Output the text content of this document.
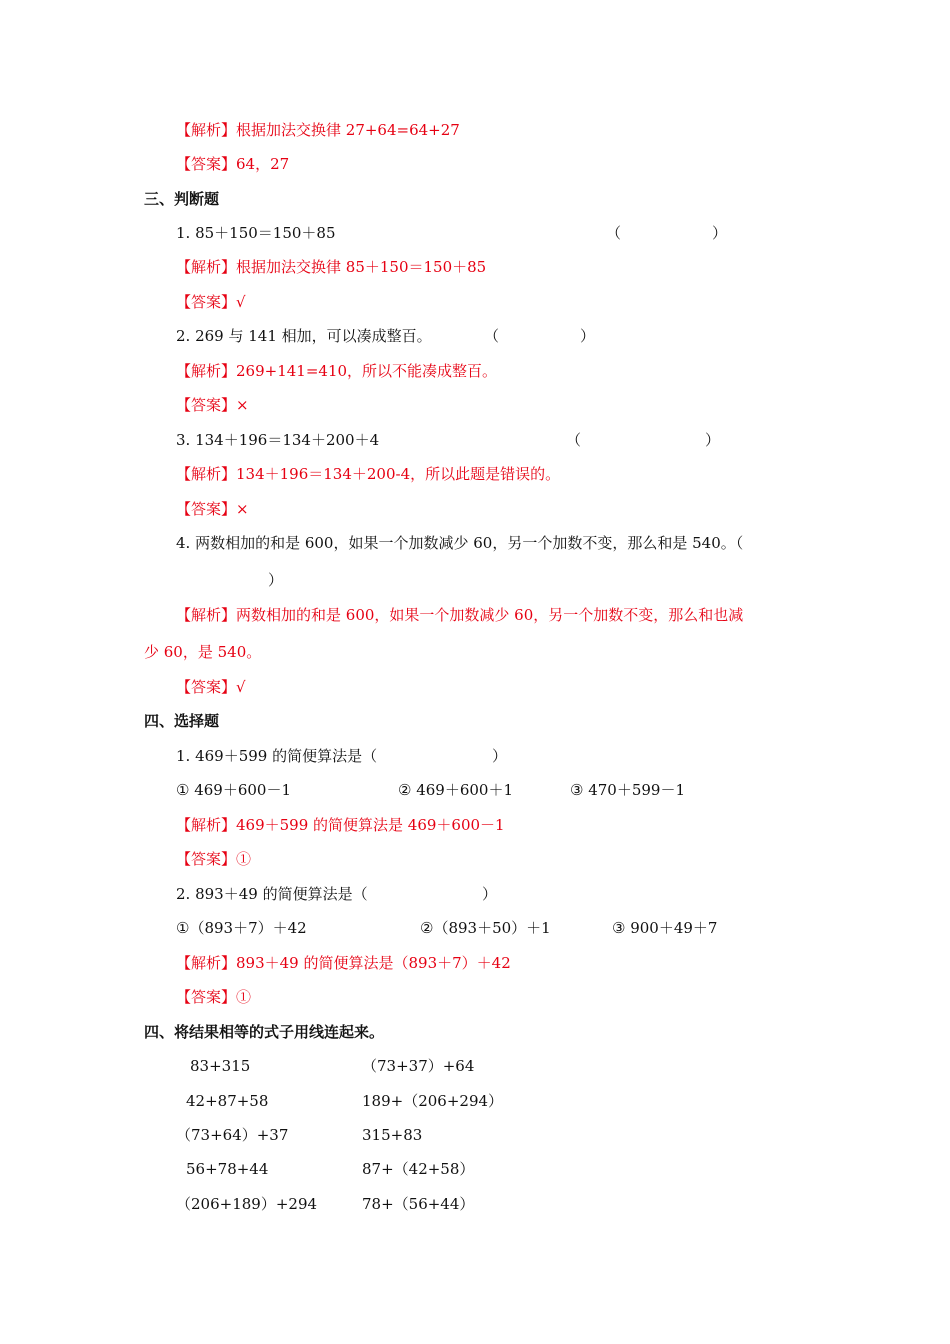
【解析】根据加法交换律 27+64=64+27
【答案】64，27
三、判断题
1. 85＋150＝150＋85	（	）
【解析】根据加法交换律 85＋150＝150＋85
【答案】√
2. 269 与 141 相加，可以凑成整百。	（	）
【解析】269+141=410，所以不能凑成整百。
【答案】×
3. 134＋196＝134＋200＋4	（	）
【解析】134＋196＝134＋200-4，所以此题是错误的。
【答案】×
4. 两数相加的和是 600，如果一个加数减少 60，另一个加数不变，那么和是 540。（
）
【解析】两数相加的和是 600，如果一个加数减少 60，另一个加数不变，那么和也减
少 60，是 540。
【答案】√
四、选择题
1. 469＋599 的简便算法是（	）
① 469＋600－1	② 469＋600＋1	③ 470＋599－1
【解析】469＋599 的简便算法是 469＋600－1
【答案】①
2. 893＋49 的简便算法是（	）
①（893＋7）＋42	②（893＋50）＋1	③ 900＋49＋7
【解析】893＋49 的简便算法是（893＋7）＋42
【答案】①
四、将结果相等的式子用线连起来。
83+315	（73+37）+64
42+87+58	189+（206+294）
（73+64）+37	315+83
56+78+44	87+（42+58）
（206+189）+294	78+（56+44）
